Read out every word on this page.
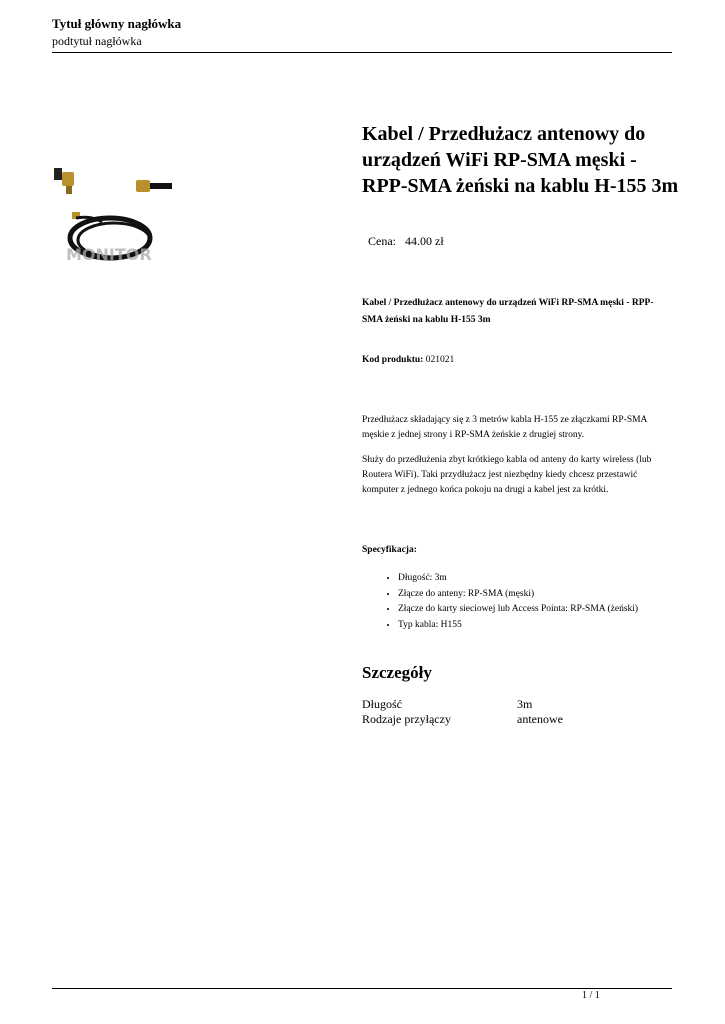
Tytuł główny nagłówka
podtytuł nagłówka
MONITOR
Kabel / Przedłużacz antenowy do urządzeń WiFi RP-SMA męski - RPP-SMA żeński na kablu H-155 3m
Cena: 44.00 zł
Kabel / Przedłużacz antenowy do urządzeń WiFi RP-SMA męski - RPP-SMA żeński na kablu H-155 3m
Kod produktu: 021021

Przedłużacz składający się z 3 metrów kabla H-155 ze złączkami RP-SMA męskie z jednej strony i RP-SMA żeńskie z drugiej strony.

Służy do przedłużenia zbyt krótkiego kabla od anteny do karty wireless (lub Routera WiFi). Taki przydłużacz jest niezbędny kiedy chcesz przestawić komputer z jednego końca pokoju na drugi a kabel jest za krótki.

Specyfikacja:
• Długość: 3m
• Złącze do anteny: RP-SMA (męski)
• Złącze do karty sieciowej lub Access Pointa: RP-SMA (żeński)
• Typ kabla: H155
Szczegóły
Długość	3m
Rodzaje przyłączy	antenowe
1 / 1
